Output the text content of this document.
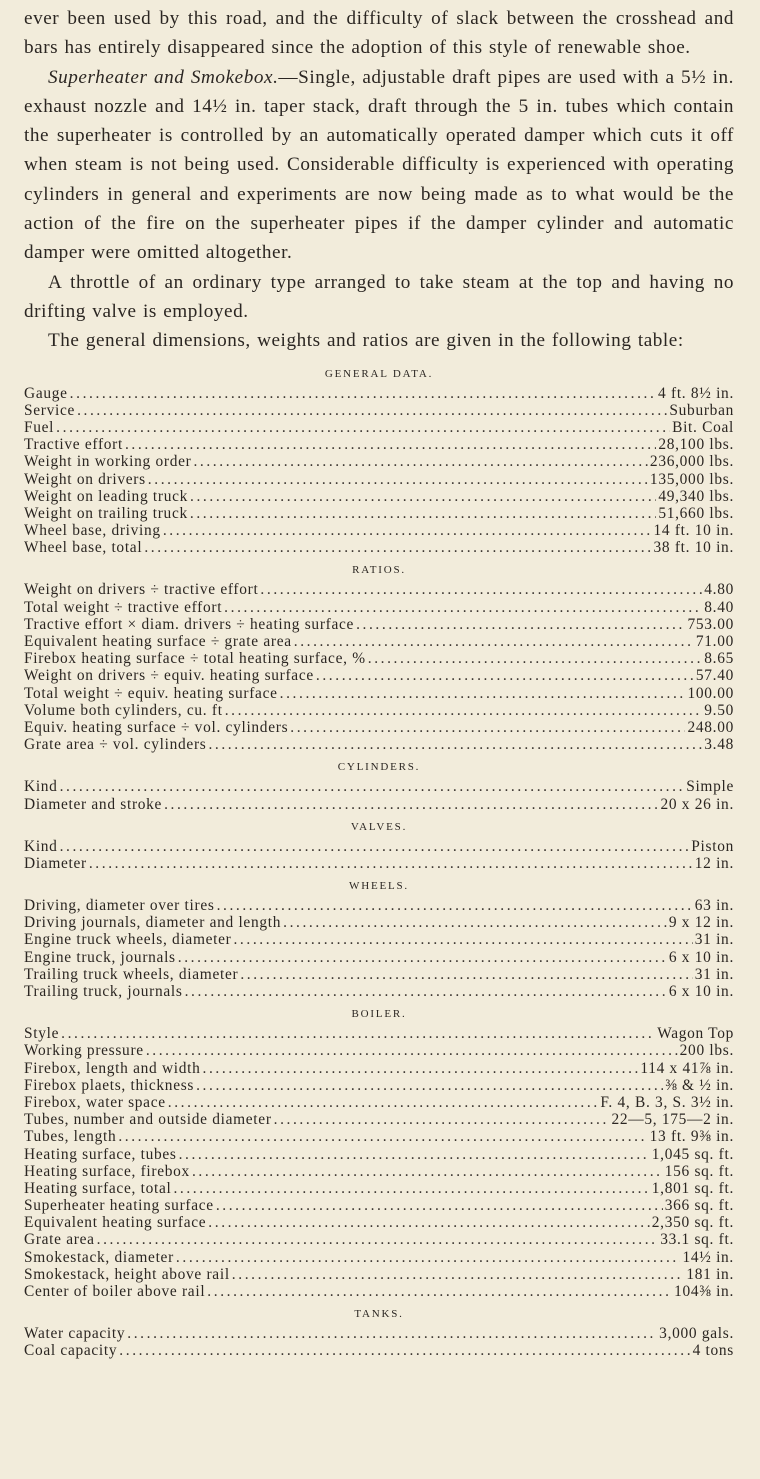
ever been used by this road, and the difficulty of slack between the crosshead and bars has entirely disappeared since the adoption of this style of renewable shoe.

Superheater and Smokebox.—Single, adjustable draft pipes are used with a 5½ in. exhaust nozzle and 14½ in. taper stack, draft through the 5 in. tubes which contain the superheater is controlled by an automatically operated damper which cuts it off when steam is not being used. Considerable difficulty is experienced with operating cylinders in general and experiments are now being made as to what would be the action of the fire on the superheater pipes if the damper cylinder and automatic damper were omitted altogether.

A throttle of an ordinary type arranged to take steam at the top and having no drifting valve is employed.

The general dimensions, weights and ratios are given in the following table:

GENERAL DATA.
Gauge .....	4 ft. 8½ in.
Service .....	Suburban
Fuel .....	Bit. Coal
Tractive effort .....	28,100 lbs.
Weight in working order .....	236,000 lbs.
Weight on drivers .....	135,000 lbs.
Weight on leading truck .....	49,340 lbs.
Weight on trailing truck .....	51,660 lbs.
Wheel base, driving .....	14 ft. 10 in.
Wheel base, total .....	38 ft. 10 in.
RATIOS.
Weight on drivers ÷ tractive effort .....	4.80
Total weight ÷ tractive effort .....	8.40
Tractive effort × diam. drivers ÷ heating surface .....	753.00
Equivalent heating surface ÷ grate area .....	71.00
Firebox heating surface ÷ total heating surface, % .....	8.65
Weight on drivers ÷ equiv. heating surface .....	57.40
Total weight ÷ equiv. heating surface .....	100.00
Volume both cylinders, cu. ft .....	9.50
Equiv. heating surface ÷ vol. cylinders .....	248.00
Grate area ÷ vol. cylinders .....	3.48
CYLINDERS.
Kind .....	Simple
Diameter and stroke .....	20 x 26 in.
VALVES.
Kind .....	Piston
Diameter .....	12 in.
WHEELS.
Driving, diameter over tires .....	63 in.
Driving journals, diameter and length .....	9 x 12 in.
Engine truck wheels, diameter .....	31 in.
Engine truck, journals .....	6 x 10 in.
Trailing truck wheels, diameter .....	31 in.
Trailing truck, journals .....	6 x 10 in.
BOILER.
Style .....	Wagon Top
Working pressure .....	200 lbs.
Firebox, length and width .....	114 x 41⅞ in.
Firebox plaets, thickness .....	⅜ & ½ in.
Firebox, water space .....	F. 4, B. 3, S. 3½ in.
Tubes, number and outside diameter .....	22—5, 175—2 in.
Tubes, length .....	13 ft. 9⅜ in.
Heating surface, tubes .....	1,045 sq. ft.
Heating surface, firebox .....	156 sq. ft.
Heating surface, total .....	1,801 sq. ft.
Superheater heating surface .....	366 sq. ft.
Equivalent heating surface .....	2,350 sq. ft.
Grate area .....	33.1 sq. ft.
Smokestack, diameter .....	14½ in.
Smokestack, height above rail .....	181 in.
Center of boiler above rail .....	104⅜ in.
TANKS.
Water capacity .....	3,000 gals.
Coal capacity .....	4 tons
